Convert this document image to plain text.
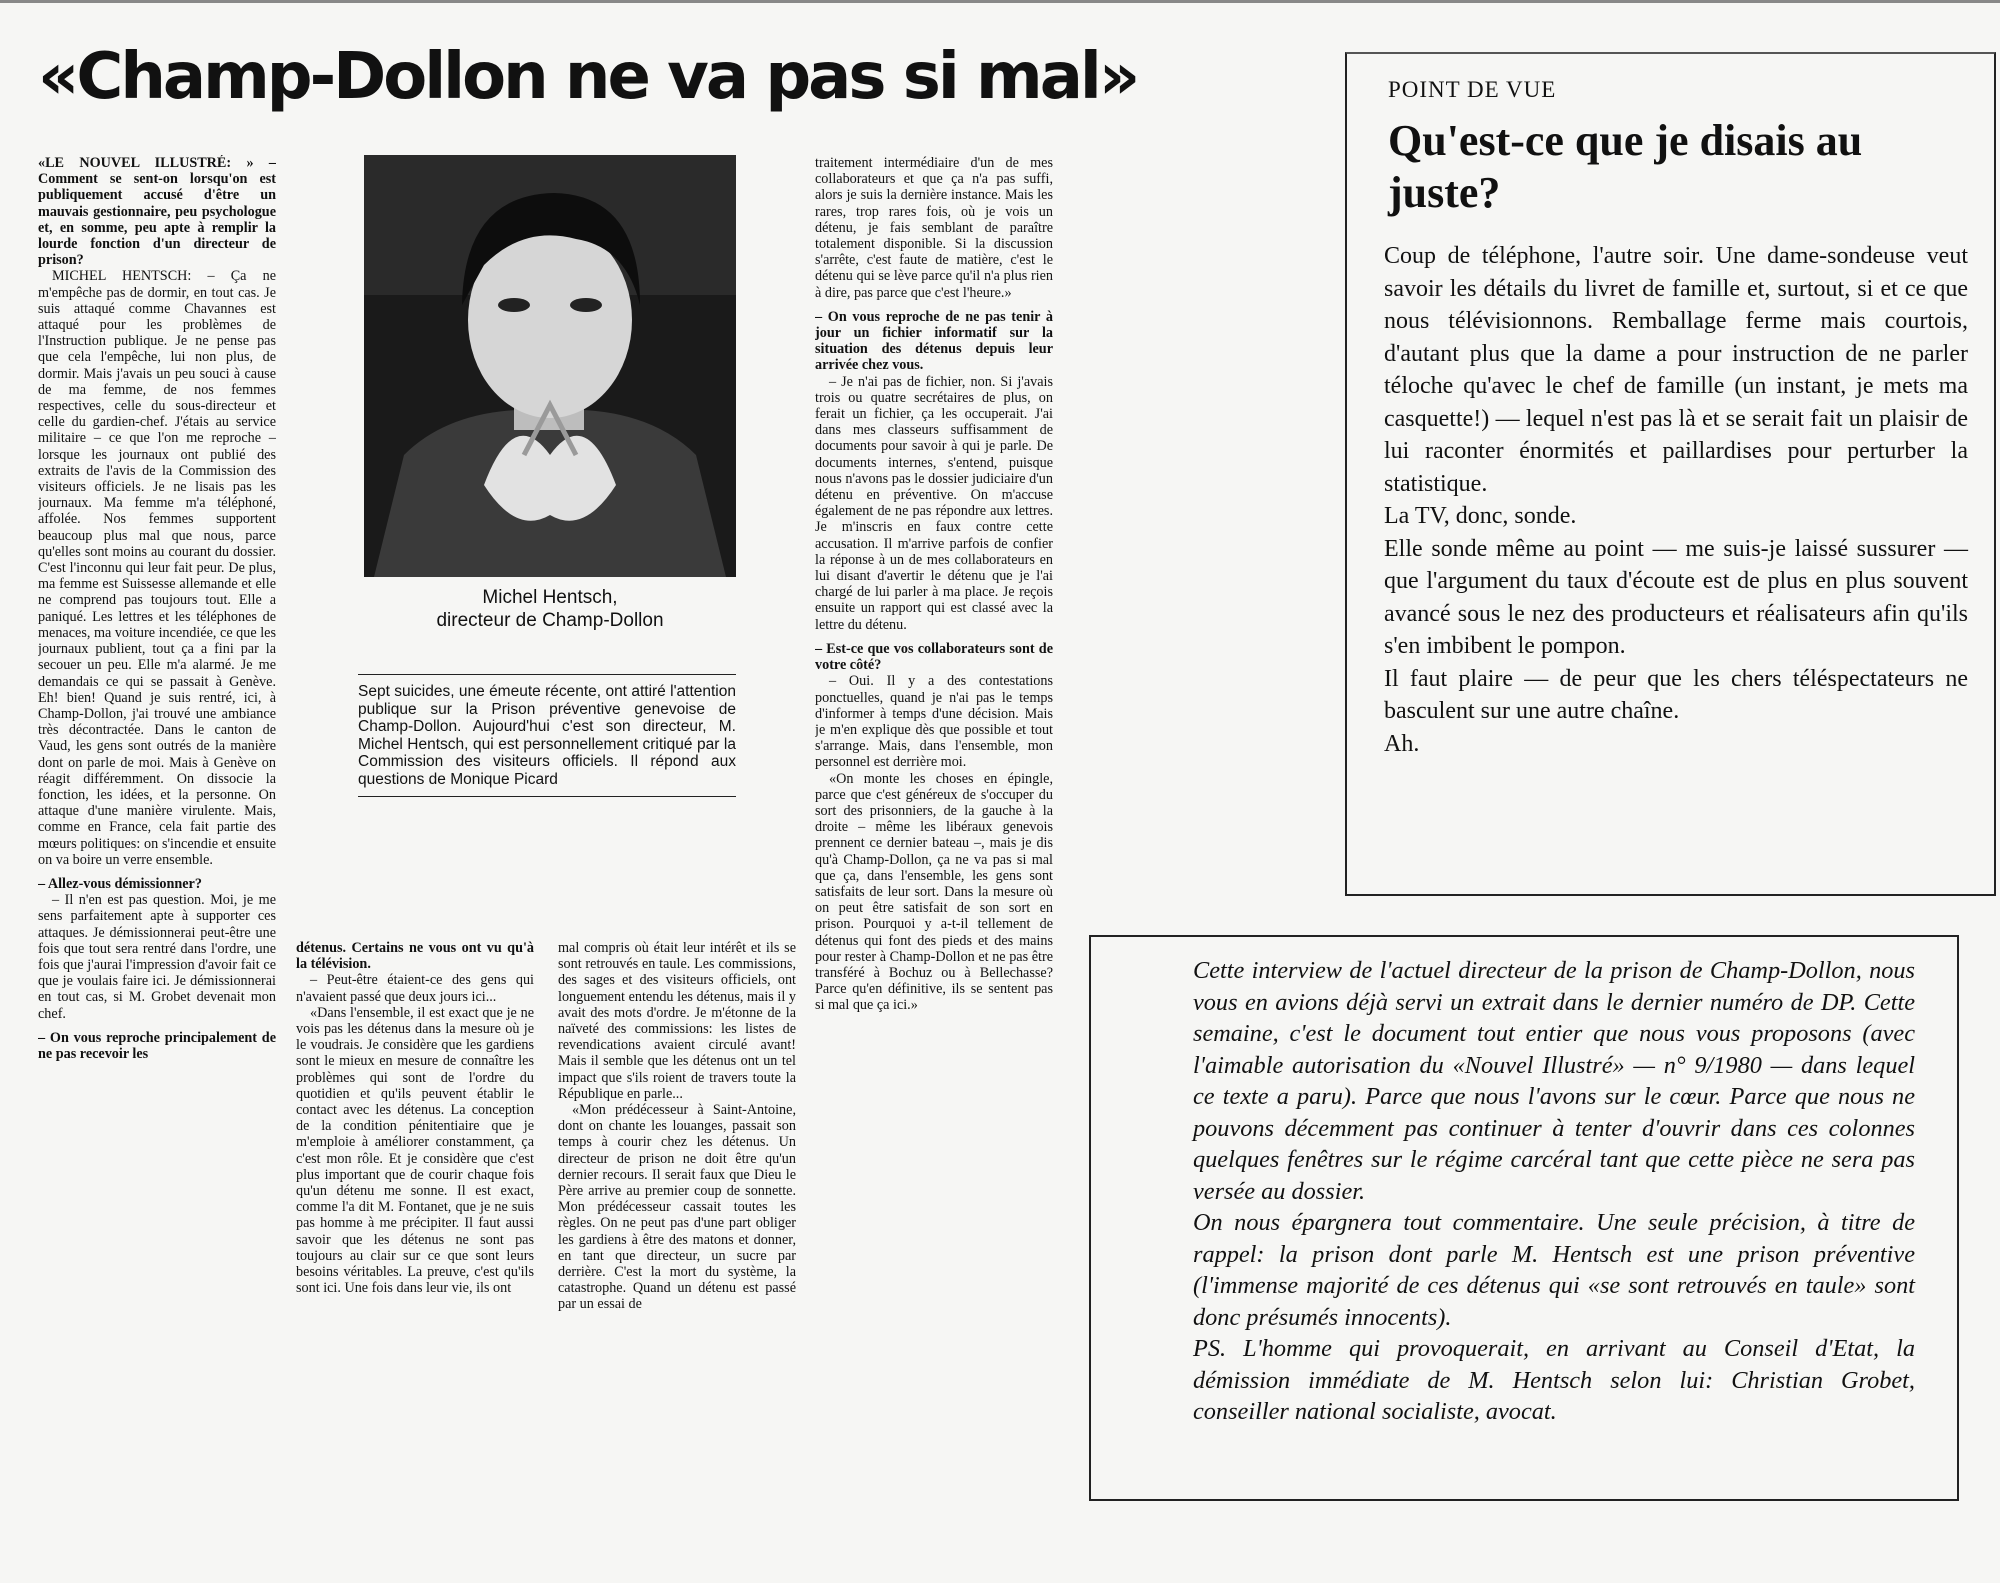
«Champ-Dollon ne va pas si mal»

«LE NOUVEL ILLUSTRÉ: » – Comment se sent-on lorsqu'on est publiquement accusé d'être un mauvais gestionnaire, peu psychologue et, en somme, peu apte à remplir la lourde fonction d'un directeur de prison?

MICHEL HENTSCH: – Ça ne m'empêche pas de dormir, en tout cas. Je suis attaqué comme Chavannes est attaqué pour les problèmes de l'Instruction publique. Je ne pense pas que cela l'empêche, lui non plus, de dormir. Mais j'avais un peu souci à cause de ma femme, de nos femmes respectives, celle du sous-directeur et celle du gardien-chef. J'étais au service militaire – ce que l'on me reproche – lorsque les journaux ont publié des extraits de l'avis de la Commission des visiteurs officiels. Je ne lisais pas les journaux. Ma femme m'a téléphoné, affolée. Nos femmes supportent beaucoup plus mal que nous, parce qu'elles sont moins au courant du dossier. C'est l'inconnu qui leur fait peur. De plus, ma femme est Suissesse allemande et elle ne comprend pas toujours tout. Elle a paniqué. Les lettres et les téléphones de menaces, ma voiture incendiée, ce que les journaux publient, tout ça a fini par la secouer un peu. Elle m'a alarmé. Je me demandais ce qui se passait à Genève. Eh! bien! Quand je suis rentré, ici, à Champ-Dollon, j'ai trouvé une ambiance très décontractée. Dans le canton de Vaud, les gens sont outrés de la manière dont on parle de moi. Mais à Genève on réagit différemment. On dissocie la fonction, les idées, et la personne. On attaque d'une manière virulente. Mais, comme en France, cela fait partie des mœurs politiques: on s'incendie et ensuite on va boire un verre ensemble.

– Allez-vous démissionner?

– Il n'en est pas question. Moi, je me sens parfaitement apte à supporter ces attaques. Je démissionnerai peut-être une fois que tout sera rentré dans l'ordre, une fois que j'aurai l'impression d'avoir fait ce que je voulais faire ici. Je démissionnerai en tout cas, si M. Grobet devenait mon chef.

– On vous reproche principalement de ne pas recevoir les

Michel Hentsch,
directeur de Champ-Dollon
Sept suicides, une émeute récente, ont attiré l'attention publique sur la Prison préventive genevoise de Champ-Dollon. Aujourd'hui c'est son directeur, M. Michel Hentsch, qui est personnellement critiqué par la Commission des visiteurs officiels. Il répond aux questions de Monique Picard

détenus. Certains ne vous ont vu qu'à la télévision.

– Peut-être étaient-ce des gens qui n'avaient passé que deux jours ici...

«Dans l'ensemble, il est exact que je ne vois pas les détenus dans la mesure où je le voudrais. Je considère que les gardiens sont le mieux en mesure de connaître les problèmes qui sont de l'ordre du quotidien et qu'ils peuvent établir le contact avec les détenus. La conception de la condition pénitentiaire que je m'emploie à améliorer constamment, ça c'est mon rôle. Et je considère que c'est plus important que de courir chaque fois qu'un détenu me sonne. Il est exact, comme l'a dit M. Fontanet, que je ne suis pas homme à me précipiter. Il faut aussi savoir que les détenus ne sont pas toujours au clair sur ce que sont leurs besoins véritables. La preuve, c'est qu'ils sont ici. Une fois dans leur vie, ils ont

mal compris où était leur intérêt et ils se sont retrouvés en taule. Les commissions, des sages et des visiteurs officiels, ont longuement entendu les détenus, mais il y avait des mots d'ordre. Je m'étonne de la naïveté des commissions: les listes de revendications avaient circulé avant! Mais il semble que les détenus ont un tel impact que s'ils roient de travers toute la République en parle...

«Mon prédécesseur à Saint-Antoine, dont on chante les louanges, passait son temps à courir chez les détenus. Un directeur de prison ne doit être qu'un dernier recours. Il serait faux que Dieu le Père arrive au premier coup de sonnette. Mon prédécesseur cassait toutes les règles. On ne peut pas d'une part obliger les gardiens à être des matons et donner, en tant que directeur, un sucre par derrière. C'est la mort du système, la catastrophe. Quand un détenu est passé par un essai de

traitement intermédiaire d'un de mes collaborateurs et que ça n'a pas suffi, alors je suis la dernière instance. Mais les rares, trop rares fois, où je vois un détenu, je fais semblant de paraître totalement disponible. Si la discussion s'arrête, c'est faute de matière, c'est le détenu qui se lève parce qu'il n'a plus rien à dire, pas parce que c'est l'heure.»

– On vous reproche de ne pas tenir à jour un fichier informatif sur la situation des détenus depuis leur arrivée chez vous.

– Je n'ai pas de fichier, non. Si j'avais trois ou quatre secrétaires de plus, on ferait un fichier, ça les occuperait. J'ai dans mes classeurs suffisamment de documents pour savoir à qui je parle. De documents internes, s'entend, puisque nous n'avons pas le dossier judiciaire d'un détenu en préventive. On m'accuse également de ne pas répondre aux lettres. Je m'inscris en faux contre cette accusation. Il m'arrive parfois de confier la réponse à un de mes collaborateurs en lui disant d'avertir le détenu que je l'ai chargé de lui parler à ma place. Je reçois ensuite un rapport qui est classé avec la lettre du détenu.

– Est-ce que vos collaborateurs sont de votre côté?

– Oui. Il y a des contestations ponctuelles, quand je n'ai pas le temps d'informer à temps d'une décision. Mais je m'en explique dès que possible et tout s'arrange. Mais, dans l'ensemble, mon personnel est derrière moi.

«On monte les choses en épingle, parce que c'est généreux de s'occuper du sort des prisonniers, de la gauche à la droite – même les libéraux genevois prennent ce dernier bateau –, mais je dis qu'à Champ-Dollon, ça ne va pas si mal que ça, dans l'ensemble, les gens sont satisfaits de leur sort. Dans la mesure où on peut être satisfait de son sort en prison. Pourquoi y a-t-il tellement de détenus qui font des pieds et des mains pour rester à Champ-Dollon et ne pas être transféré à Bochuz ou à Bellechasse? Parce qu'en définitive, ils se sentent pas si mal que ça ici.»

POINT DE VUE
Qu'est-ce que je disais au juste?

Coup de téléphone, l'autre soir. Une dame-sondeuse veut savoir les détails du livret de famille et, surtout, si et ce que nous télévisionnons. Remballage ferme mais courtois, d'autant plus que la dame a pour instruction de ne parler téloche qu'avec le chef de famille (un instant, je mets ma casquette!) — lequel n'est pas là et se serait fait un plaisir de lui raconter énormités et paillardises pour perturber la statistique.

La TV, donc, sonde.

Elle sonde même au point — me suis-je laissé sussurer — que l'argument du taux d'écoute est de plus en plus souvent avancé sous le nez des producteurs et réalisateurs afin qu'ils s'en imbibent le pompon.

Il faut plaire — de peur que les chers téléspectateurs ne basculent sur une autre chaîne.

Ah.

Cette interview de l'actuel directeur de la prison de Champ-Dollon, nous vous en avions déjà servi un extrait dans le dernier numéro de DP. Cette semaine, c'est le document tout entier que nous vous proposons (avec l'aimable autorisation du «Nouvel Illustré» — n° 9/1980 — dans lequel ce texte a paru). Parce que nous l'avons sur le cœur. Parce que nous ne pouvons décemment pas continuer à tenter d'ouvrir dans ces colonnes quelques fenêtres sur le régime carcéral tant que cette pièce ne sera pas versée au dossier.

On nous épargnera tout commentaire. Une seule précision, à titre de rappel: la prison dont parle M. Hentsch est une prison préventive (l'immense majorité de ces détenus qui «se sont retrouvés en taule» sont donc présumés innocents).

PS. L'homme qui provoquerait, en arrivant au Conseil d'Etat, la démission immédiate de M. Hentsch selon lui: Christian Grobet, conseiller national socialiste, avocat.
